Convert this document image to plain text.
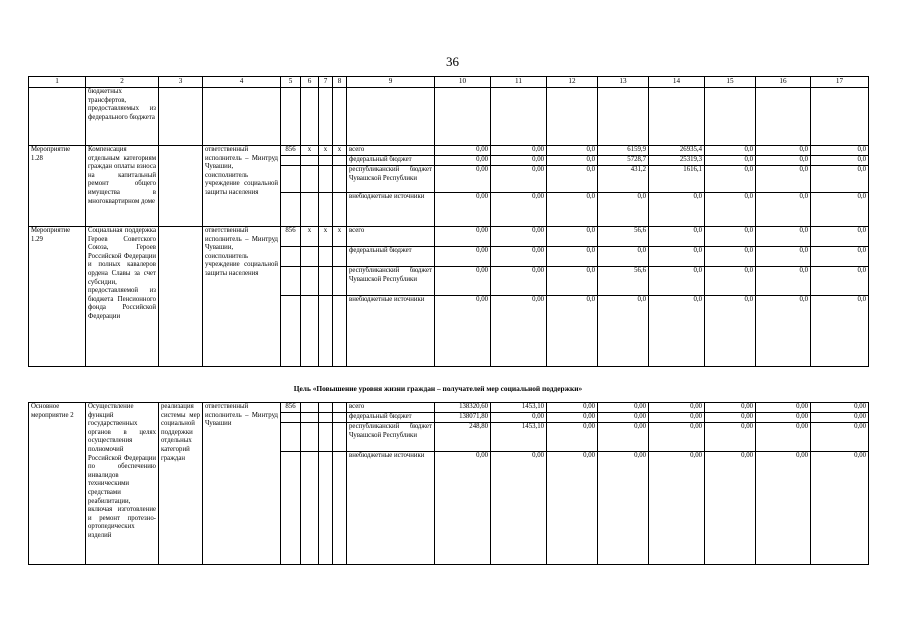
36
1	2	3	4	5	6	7	8	9	10	11	12	13	14	15	16	17
	бюджетных трансфертов, предоставляемых из федерального бюджета															
Мероприятие 1.28	Компенсация отдельным категориям граждан оплаты взноса на капитальный ремонт общего имущества в многоквартирном доме		ответственный исполнитель – Минтруд Чувашии, соисполнитель учреждение социальной защиты населения	856	x	x	x	всего	0,00	0,00	0,0	6159,9	26935,4	0,0	0,0	0,0
								федеральный бюджет	0,00	0,00	0,0	5728,7	25319,3	0,0	0,0	0,0
								республиканский бюджет Чувашской Республики	0,00	0,00	0,0	431,2	1616,1	0,0	0,0	0,0
								внебюджетные источники	0,00	0,00	0,0	0,0	0,0	0,0	0,0	0,0
Мероприятие 1.29	Социальная поддержка Героев Советского Союза, Героев Российской Федерации и полных кавалеров ордена Славы за счет субсидии, предоставляемой из бюджета Пенсионного фонда Российской Федерации		ответственный исполнитель – Минтруд Чувашии, соисполнитель учреждение социальной защиты населения	856	x	x	x	всего	0,00	0,00	0,0	56,6	0,0	0,0	0,0	0,0
								федеральный бюджет	0,00	0,00	0,0	0,0	0,0	0,0	0,0	0,0
								республиканский бюджет Чувашской Республики	0,00	0,00	0,0	56,6	0,0	0,0	0,0	0,0
								внебюджетные источники	0,00	0,00	0,0	0,0	0,0	0,0	0,0	0,0
Цель «Повышение уровня жизни граждан – получателей мер социальной поддержки»
Основное мероприятие 2	Осуществление функций государственных органов в целях осуществления полномочий Российской Федерации по обеспечению инвалидов техническими средствами реабилитации, включая изготовление и ремонт протезно-ортопедических изделий	реализация системы мер социальной поддержки отдельных категорий граждан	ответственный исполнитель – Минтруд Чувашии	856				всего	138320,60	1453,10	0,00	0,00	0,00	0,00	0,00	0,00
								федеральный бюджет	138071,80	0,00	0,00	0,00	0,00	0,00	0,00	0,00
								республиканский бюджет Чувашской Республики	248,80	1453,10	0,00	0,00	0,00	0,00	0,00	0,00
								внебюджетные источники	0,00	0,00	0,00	0,00	0,00	0,00	0,00	0,00
